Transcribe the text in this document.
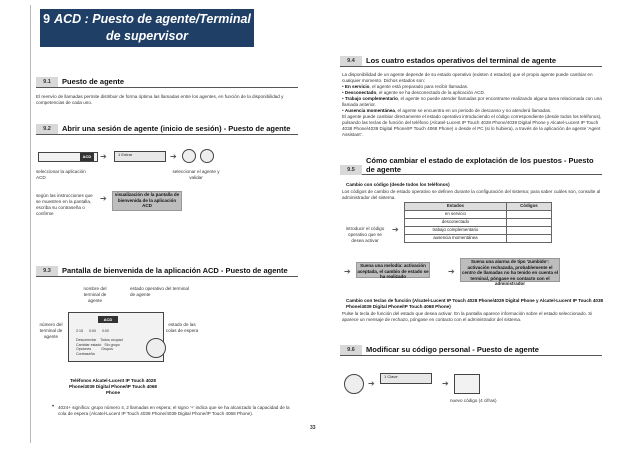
9 ACD : Puesto de agente/Terminal de supervisor
9.1	Puesto de agente
El reenvío de llamadas permite distribuir de forma óptima las llamadas entre los agentes, en función de la disponibilidad y competencias de cada uno.
9.2	Abrir una sesión de agente (inicio de sesión) - Puesto de agente
ACD	➔	1 Entrar	➔
seleccionar la aplicación ACD
seleccionar el agente y validar
según las instrucciones que se muestren en la pantalla, escriba su contraseña o confirme
➔	visualización de la pantalla de bienvenida de la aplicación ACD
9.3	Pantalla de bienvenida de la aplicación ACD - Puesto de agente
nombre del terminal de agente
estado operativo del terminal de agente
número del terminal de agente
estado de las colas de espera
ACD
2:15 0:00 0:00
Desconectar Todos ocupad
Cambiar estado Sin grupo
Opciones	Grupos
Contraseña
Teléfonos Alcatel-Lucent IP Touch 4028 Phone/4039 Digital Phone/IP Touch 4068 Phone
• 4024+ significa: grupo número 4, 2 llamadas en espera; el signo '+' indica que se ha alcanzado la capacidad de la cola de espera (Alcatel-Lucent IP Touch 4038 Phone/4039 Digital Phone/IP Touch 4068 Phone).
9.4	Los cuatro estados operativos del terminal de agente
La disponibilidad de un agente depende de su estado operativo (existen 4 estados) que el propio agente puede cambiar en cualquier momento. Dichos estados son:
• En servicio, el agente está preparado para recibir llamadas.
• Desconectado, el agente se ha desconectado de la aplicación ACD.
• Trabajo complementario, el agente no puede atender llamadas por encontrarse realizando alguna tarea relacionada con una llamada anterior.
• Ausencia momentánea, el agente se encuentra en un periodo de descanso y no atenderá llamadas.
El agente puede cambiar directamente el estado operativo introduciendo el código correspondiente (desde todos los teléfonos), pulsando las teclas de función del teléfono (Alcatel-Lucent IP Touch 4028 Phone/4039 Digital Phone y Alcatel-Lucent IP Touch 4038 Phone/4039 Digital Phone/IP Touch 4068 Phone) o desde el PC (si lo hubiera), a través de la aplicación de agente 'Agent Assistant'.
9.5
Cómo cambiar el estado de explotación de los puestos - Puesto de agente
Cambio con código (desde todos los teléfonos)
Los códigos de cambio de estado operativo se definen durante la configuración del sistema; para saber cuáles son, consulte al administrador del sistema.
introducir el código operativo que se desea activar
➔
Estados	Códigos
en servicio	
desconectado	
trabajo complementario	
ausencia momentánea	
➔
Suena una melodía: activación aceptada, el cambio de estado se ha realizado
➔
Suena una alarma de tipo 'zumbido': activación rechazada, probablemente el centro de llamadas no ha tenido en cuenta el terminal, póngase en contacto con el administrador
Cambio con teclas de función (Alcatel-Lucent IP Touch 4028 Phone/4029 Digital Phone y Alcatel-Lucent IP Touch 4038 Phone/4039 Digital Phone/IP Touch 4068 Phone)
Pulse la tecla de función del estado que desea activar. En la pantalla aparece información sobre el estado seleccionado. Si aparece un mensaje de rechazo, póngase en contacto con el administrador del sistema.
9.6	Modificar su código personal - Puesto de agente
➔
1 Clave
➔
nuevo código (4 cifras)
33
